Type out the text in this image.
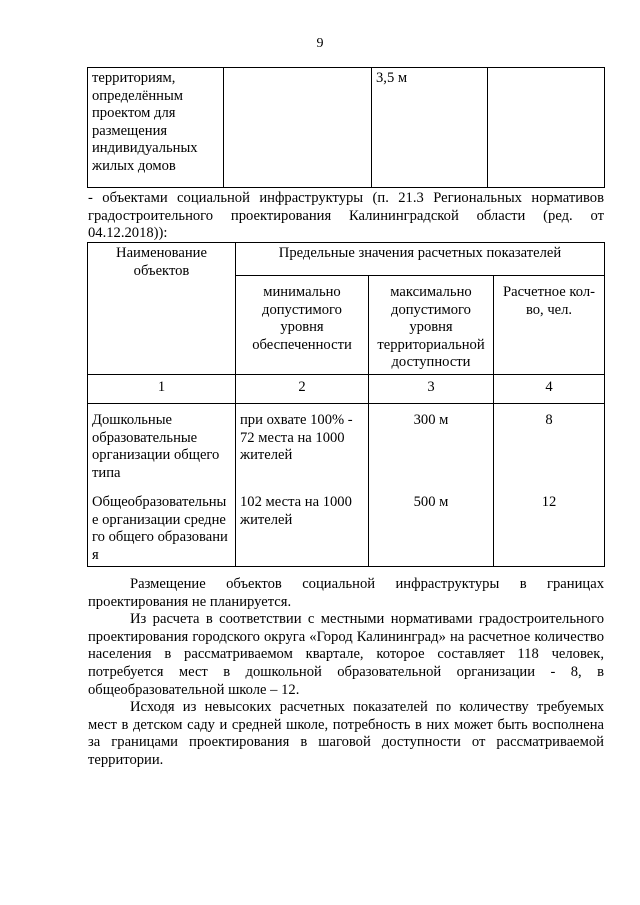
9
территориям, определённым проектом для размещения индивидуальных жилых домов		3,5 м	

- объектами социальной инфраструктуры (п. 21.3 Региональных нормативов градостроительного проектирования Калининградской области (ред. от 04.12.2018)):

Наименование объектов	Предельные значения расчетных показателей		
	минимально допустимого уровня обеспеченности	максимально допустимого уровня территориальной доступности	Расчетное кол-во, чел.
1	2	3	4
Дошкольные образовательные организации общего типа	при охвате 100% - 72 места на 1000 жителей	300 м	8
Общеобразовательные организации среднего общего образования	102 места на 1000 жителей	500 м	12

Размещение объектов социальной инфраструктуры в границах проектирования не планируется.

Из расчета в соответствии с местными нормативами градостроительного проектирования городского округа «Город Калининград» на расчетное количество населения в рассматриваемом квартале, которое составляет 118 человек, потребуется мест в дошкольной образовательной организации - 8, в общеобразовательной школе – 12.

Исходя из невысоких расчетных показателей по количеству требуемых мест в детском саду и средней школе, потребность в них может быть восполнена за границами проектирования в шаговой доступности от рассматриваемой территории.
